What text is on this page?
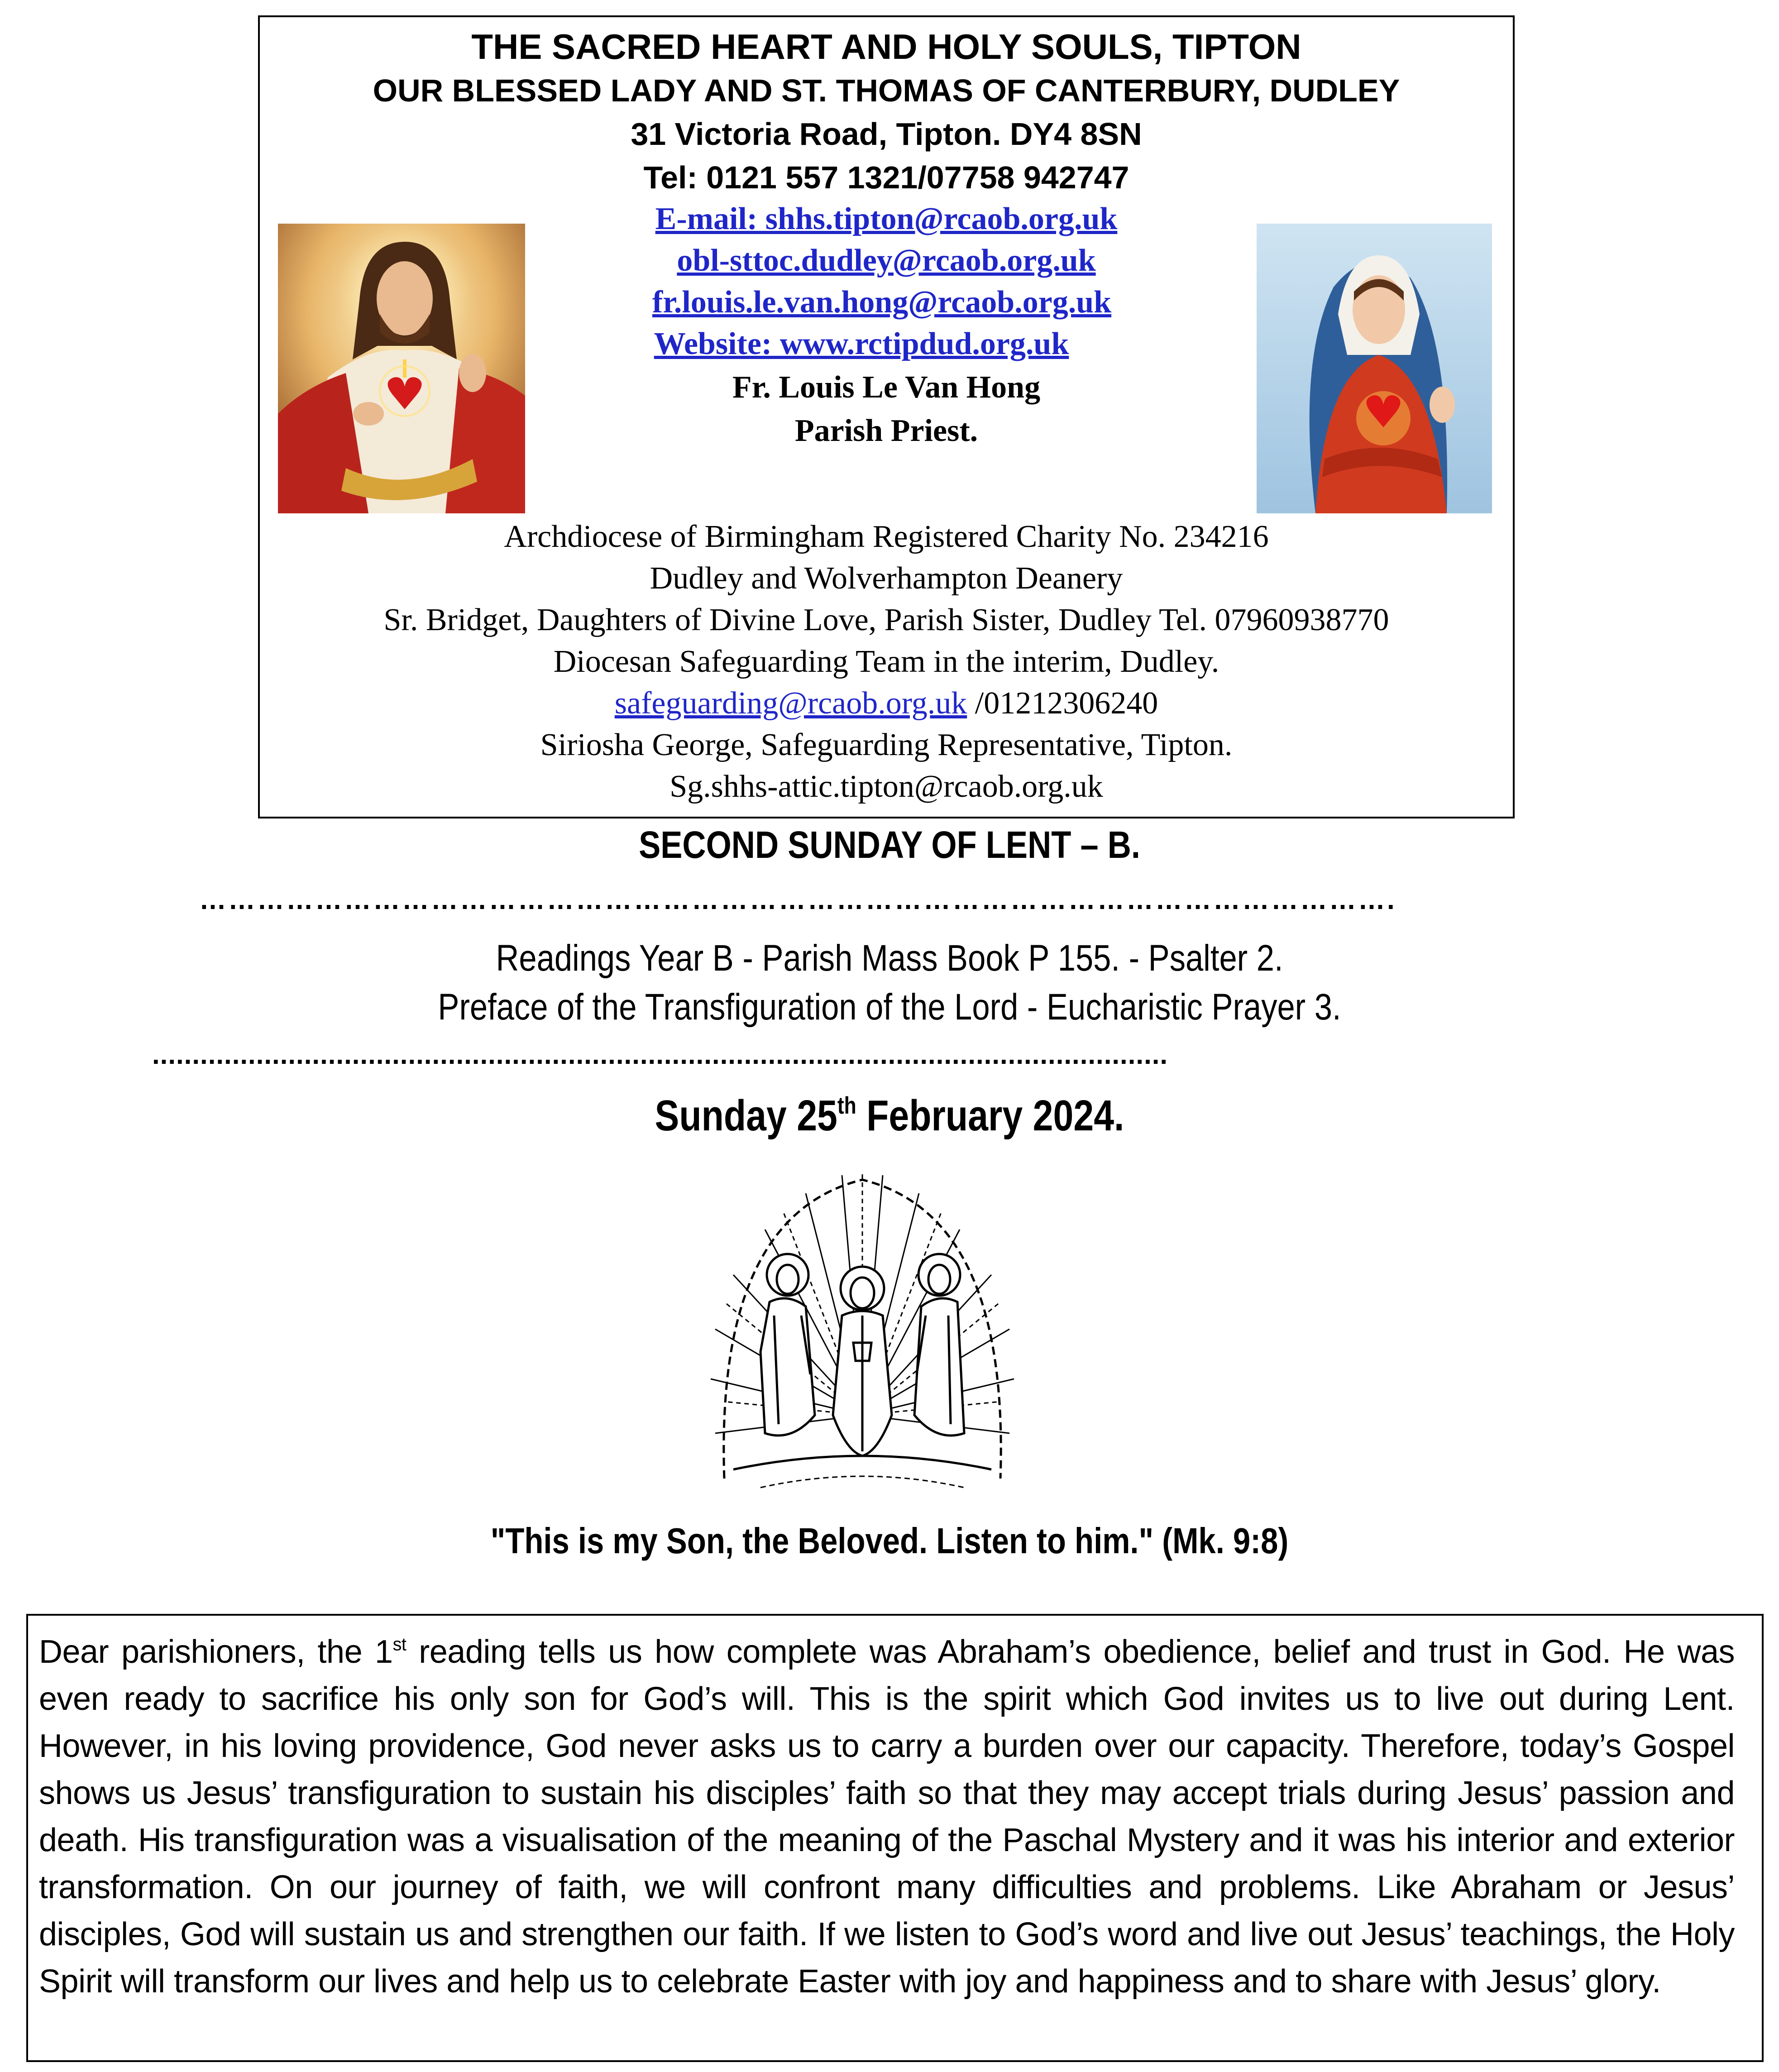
THE SACRED HEART AND HOLY SOULS, TIPTON
OUR BLESSED LADY AND ST. THOMAS OF CANTERBURY, DUDLEY
31 Victoria Road, Tipton. DY4 8SN
Tel: 0121 557 1321/07758 942747
E-mail: shhs.tipton@rcaob.org.uk
obl-sttoc.dudley@rcaob.org.uk
fr.louis.le.van.hong@rcaob.org.uk
Website: www.rctipdud.org.uk
Fr. Louis Le Van Hong
Parish Priest.
Archdiocese of Birmingham Registered Charity No. 234216
Dudley and Wolverhampton Deanery
Sr. Bridget, Daughters of Divine Love, Parish Sister, Dudley Tel. 07960938770
Diocesan Safeguarding Team in the interim, Dudley.
safeguarding@rcaob.org.uk /01212306240
Siriosha George, Safeguarding Representative, Tipton.
Sg.shhs-attic.tipton@rcaob.org.uk
SECOND SUNDAY OF LENT – B.
…………………………………………………………………………………………………………….
Readings Year B - Parish Mass Book P 155. - Psalter 2.
Preface of the Transfiguration of the Lord - Eucharistic Prayer 3.
...............................................................................................................................
Sunday 25th February 2024.
"This is my Son, the Beloved. Listen to him." (Mk. 9:8)
Dear parishioners, the 1st reading tells us how complete was Abraham’s obedience, belief and trust in God. He was even ready to sacrifice his only son for God’s will. This is the spirit which God invites us to live out during Lent. However, in his loving providence, God never asks us to carry a burden over our capacity. Therefore, today’s Gospel shows us Jesus’ transfiguration to sustain his disciples’ faith so that they may accept trials during Jesus’ passion and death. His transfiguration was a visualisation of the meaning of the Paschal Mystery and it was his interior and exterior transformation. On our journey of faith, we will confront many difficulties and problems. Like Abraham or Jesus’ disciples, God will sustain us and strengthen our faith. If we listen to God’s word and live out Jesus’ teachings, the Holy Spirit will transform our lives and help us to celebrate Easter with joy and happiness and to share with Jesus’ glory.
